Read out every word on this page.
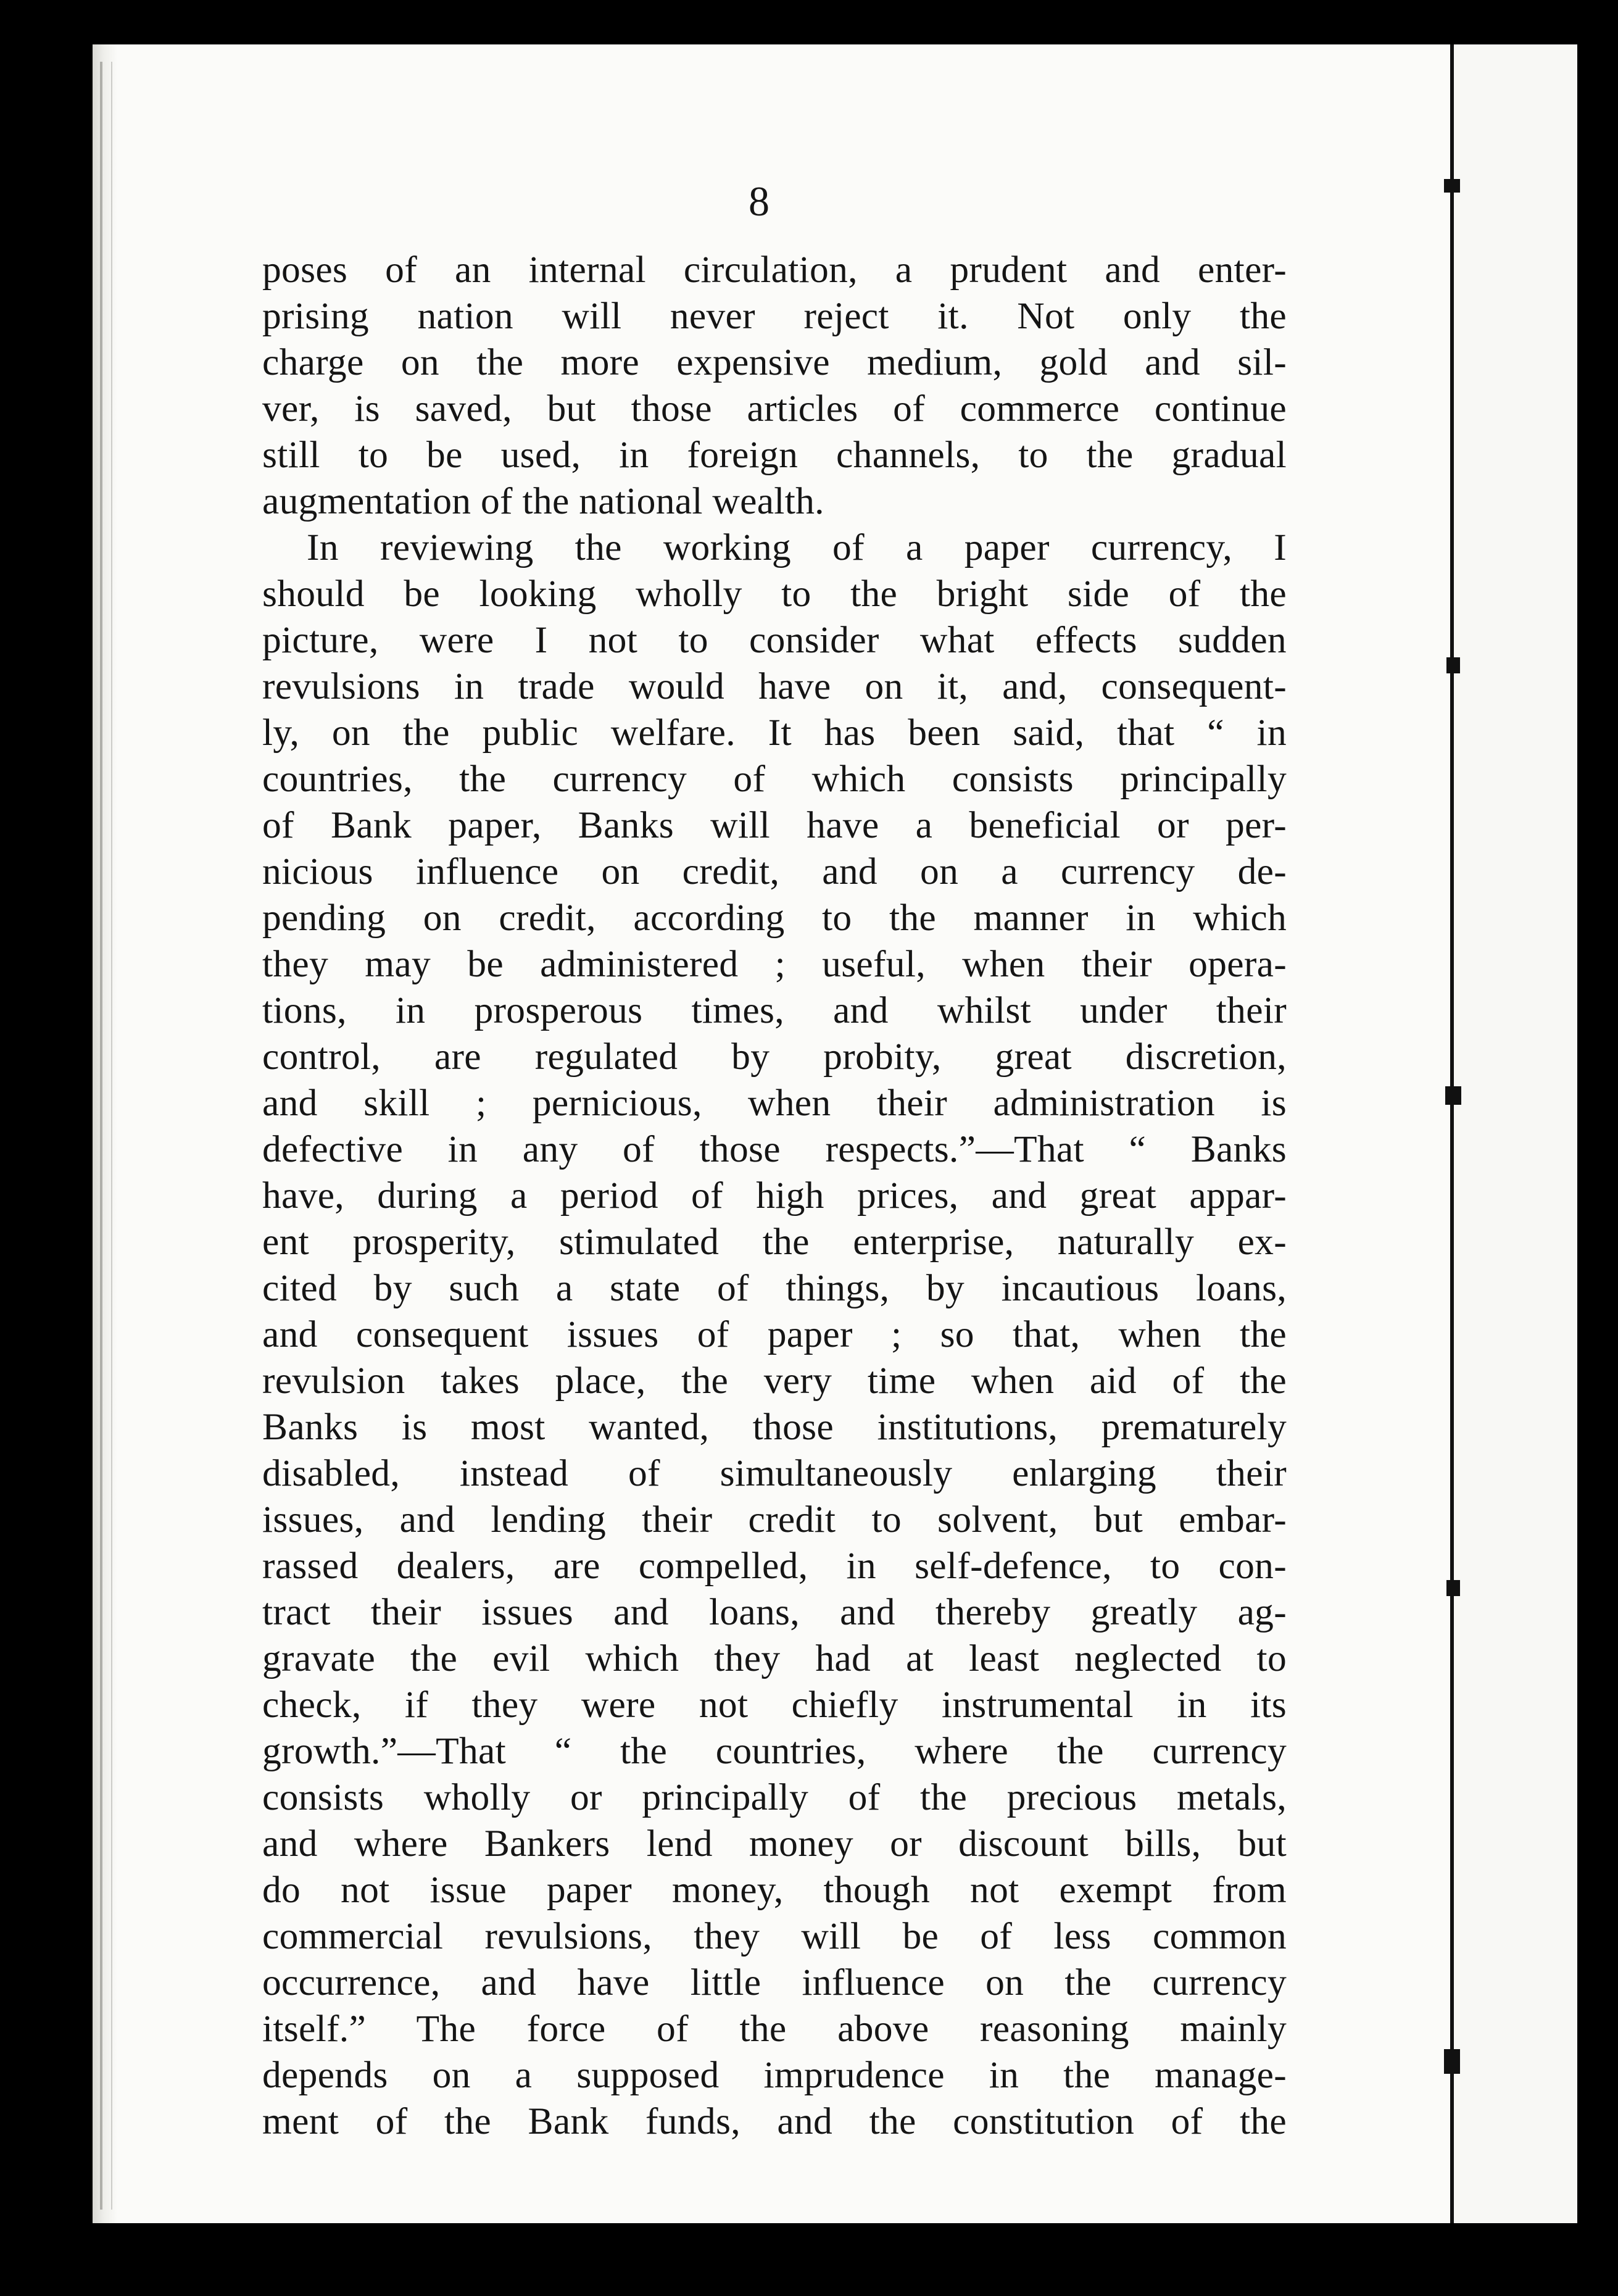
8
poses of an internal circulation, a prudent and enter-
prising nation will never reject it. Not only the
charge on the more expensive medium, gold and sil-
ver, is saved, but those articles of commerce continue
still to be used, in foreign channels, to the gradual
augmentation of the national wealth.
In reviewing the working of a paper currency, I
should be looking wholly to the bright side of the
picture, were I not to consider what effects sudden
revulsions in trade would have on it, and, consequent-
ly, on the public welfare. It has been said, that “ in
countries, the currency of which consists principally
of Bank paper, Banks will have a beneficial or per-
nicious influence on credit, and on a currency de-
pending on credit, according to the manner in which
they may be administered ; useful, when their opera-
tions, in prosperous times, and whilst under their
control, are regulated by probity, great discretion,
and skill ; pernicious, when their administration is
defective in any of those respects.”—That “ Banks
have, during a period of high prices, and great appar-
ent prosperity, stimulated the enterprise, naturally ex-
cited by such a state of things, by incautious loans,
and consequent issues of paper ; so that, when the
revulsion takes place, the very time when aid of the
Banks is most wanted, those institutions, prematurely
disabled, instead of simultaneously enlarging their
issues, and lending their credit to solvent, but embar-
rassed dealers, are compelled, in self-defence, to con-
tract their issues and loans, and thereby greatly ag-
gravate the evil which they had at least neglected to
check, if they were not chiefly instrumental in its
growth.”—That “ the countries, where the currency
consists wholly or principally of the precious metals,
and where Bankers lend money or discount bills, but
do not issue paper money, though not exempt from
commercial revulsions, they will be of less common
occurrence, and have little influence on the currency
itself.” The force of the above reasoning mainly
depends on a supposed imprudence in the manage-
ment of the Bank funds, and the constitution of the
